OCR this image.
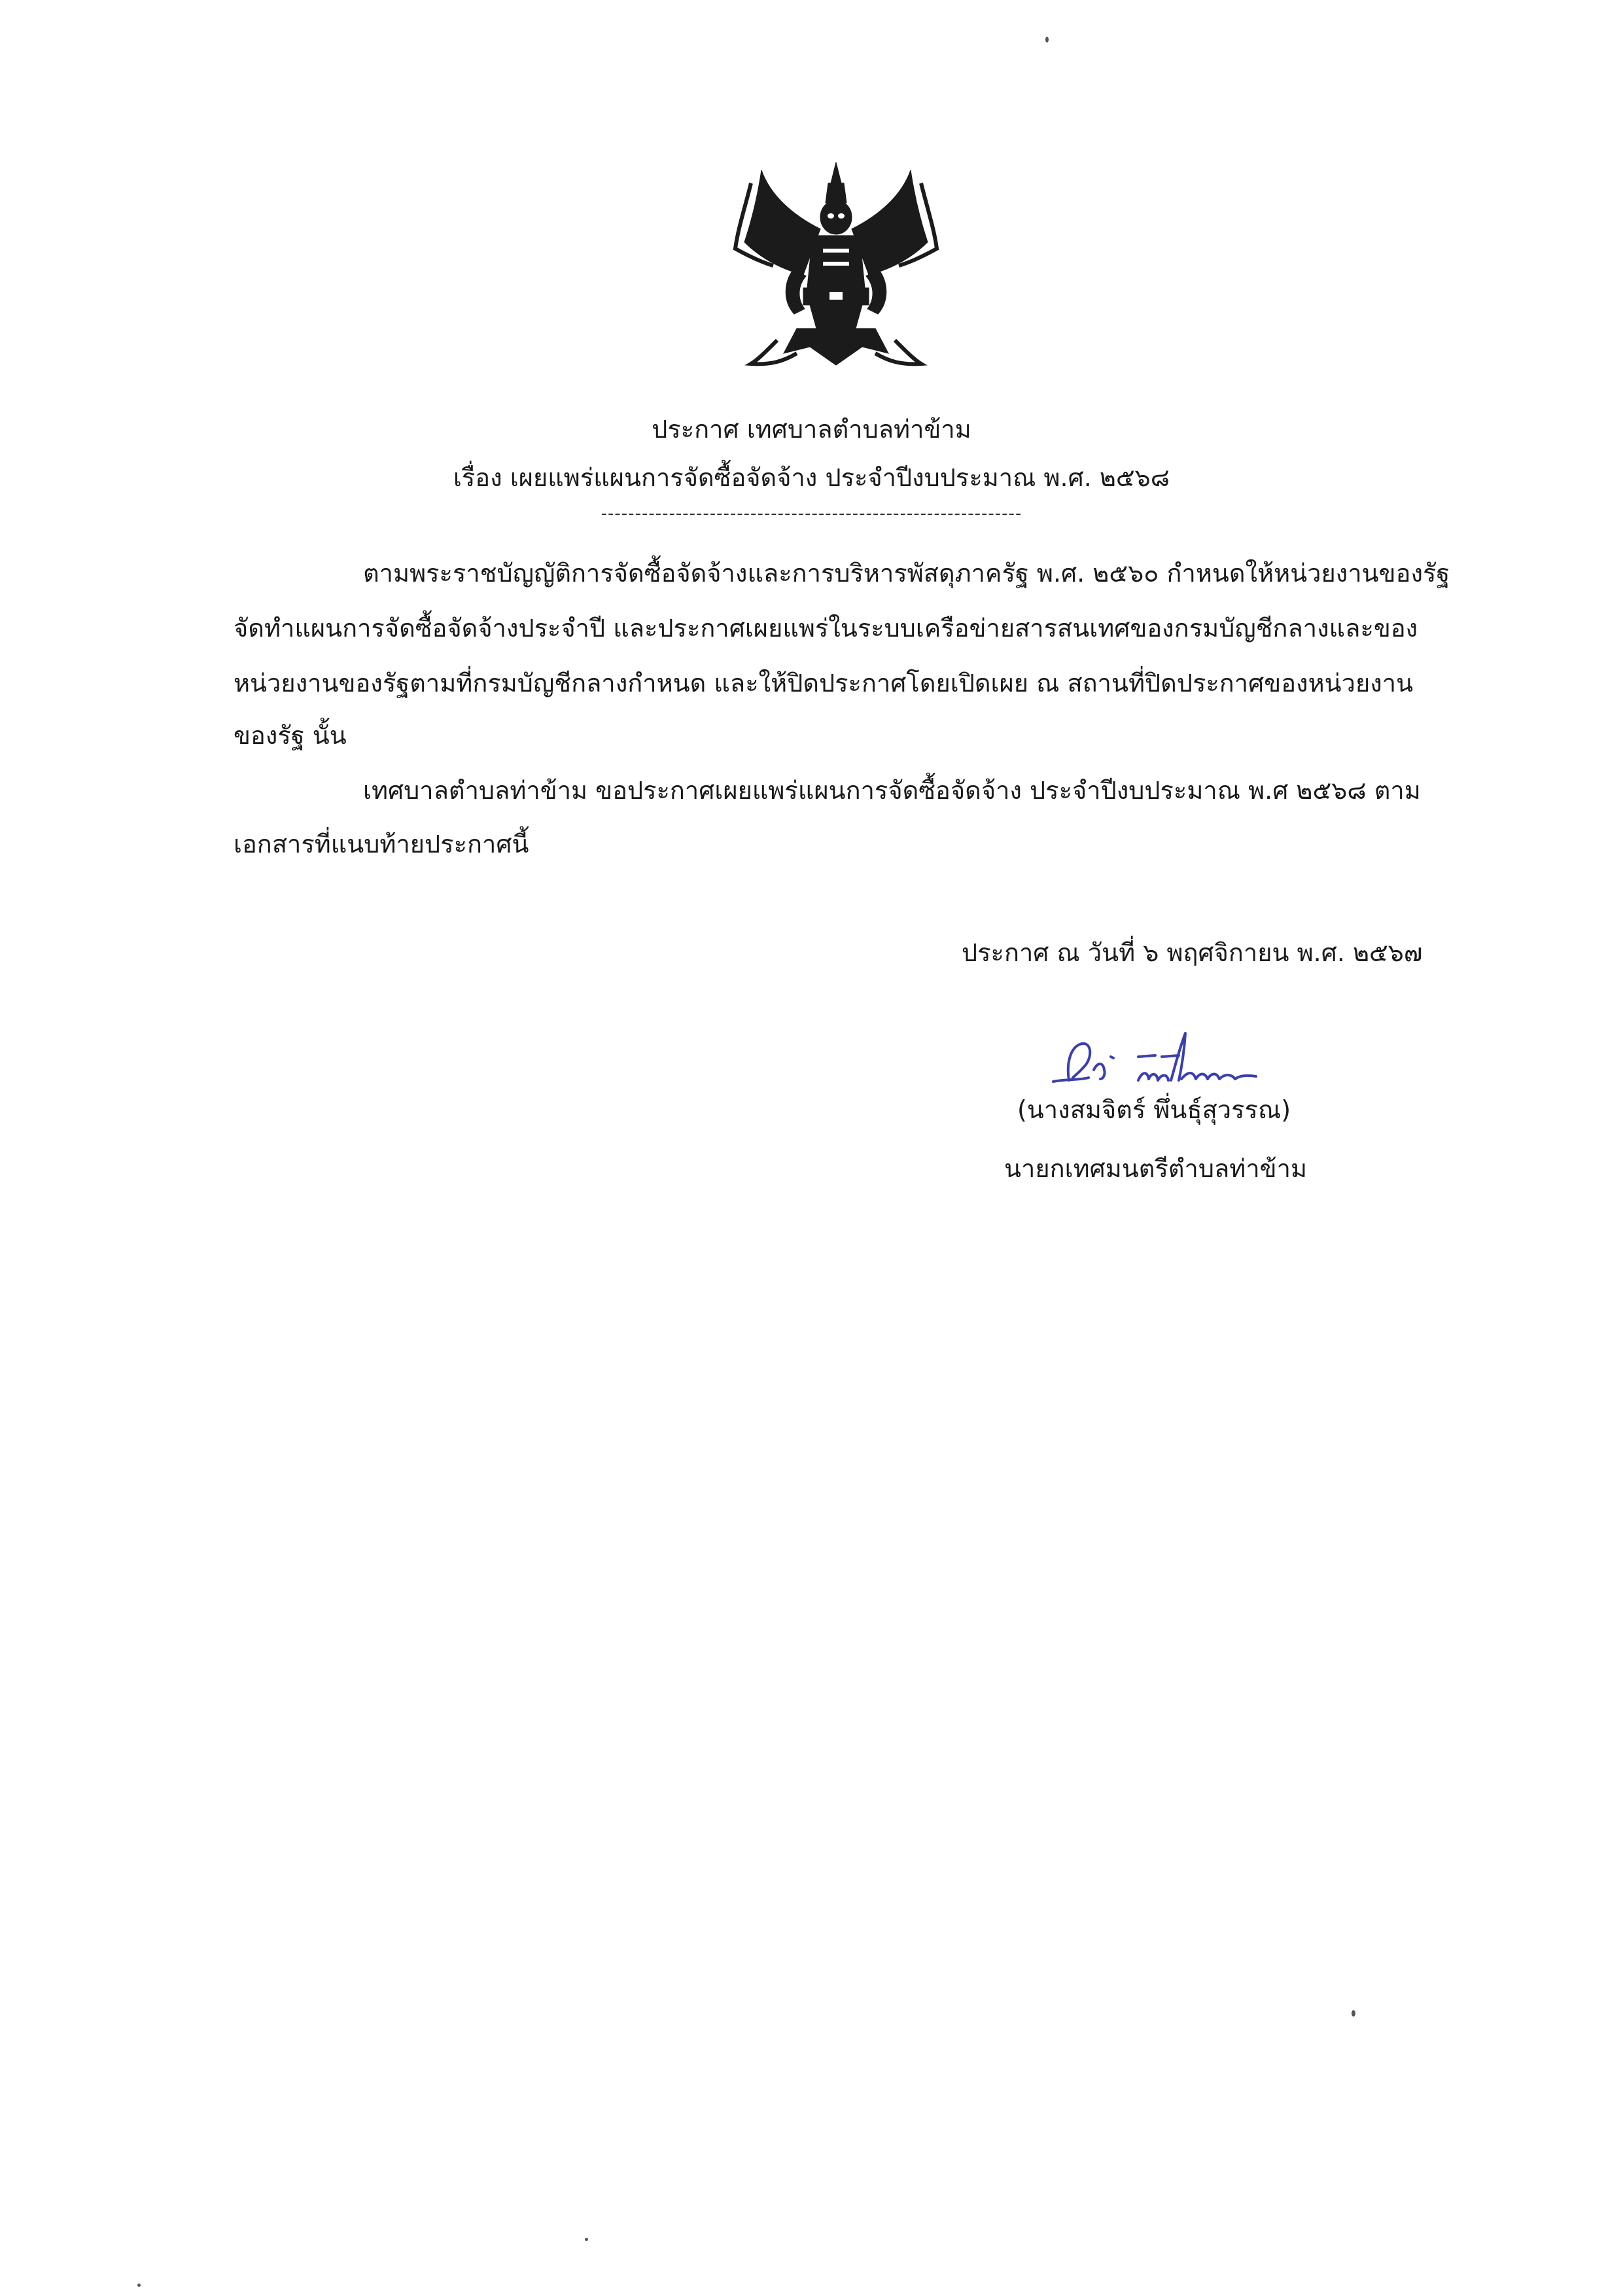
ประกาศ เทศบาลตำบลท่าข้าม
เรื่อง เผยแพร่แผนการจัดซื้อจัดจ้าง ประจำปีงบประมาณ พ.ศ. ๒๕๖๘
--------------------------------------------------------------
ตามพระราชบัญญัติการจัดซื้อจัดจ้างและการบริหารพัสดุภาครัฐ พ.ศ. ๒๕๖๐ กำหนดให้หน่วยงานของรัฐ
จัดทำแผนการจัดซื้อจัดจ้างประจำปี และประกาศเผยแพร่ในระบบเครือข่ายสารสนเทศของกรมบัญชีกลางและของ
หน่วยงานของรัฐตามที่กรมบัญชีกลางกำหนด และให้ปิดประกาศโดยเปิดเผย ณ สถานที่ปิดประกาศของหน่วยงาน
ของรัฐ นั้น
เทศบาลตำบลท่าข้าม ขอประกาศเผยแพร่แผนการจัดซื้อจัดจ้าง ประจำปีงบประมาณ พ.ศ ๒๕๖๘ ตาม
เอกสารที่แนบท้ายประกาศนี้
ประกาศ ณ วันที่ ๖ พฤศจิกายน พ.ศ. ๒๕๖๗
(นางสมจิตร์ พึ่นธุ์สุวรรณ)
นายกเทศมนตรีตำบลท่าข้าม
